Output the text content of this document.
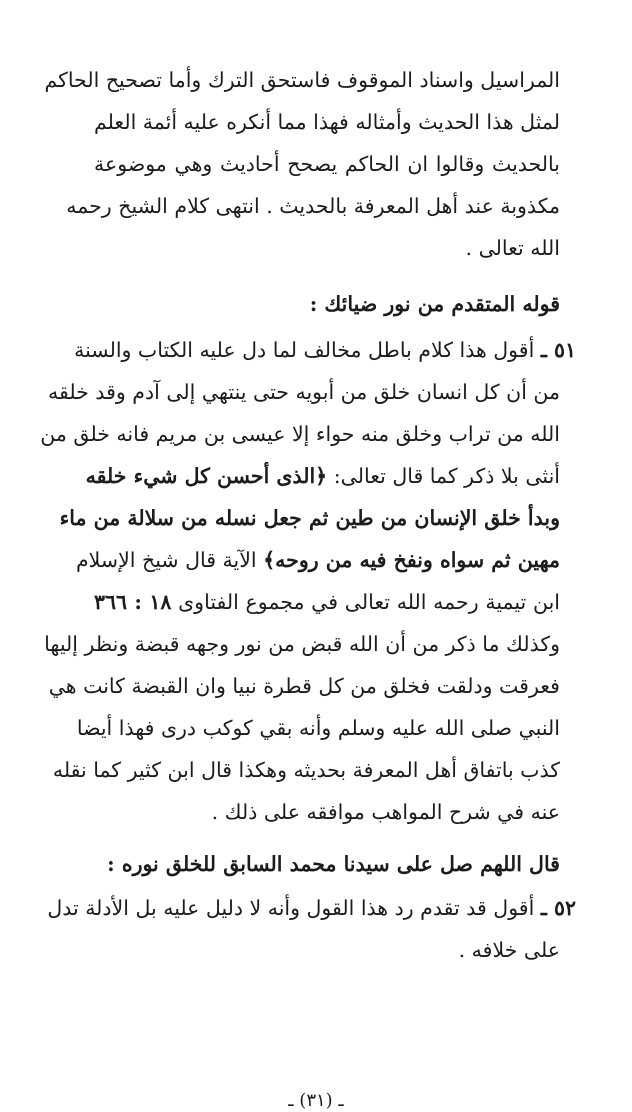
المراسيل واسناد الموقوف فاستحق الترك وأما تصحيح الحاكم
لمثل هذا الحديث وأمثاله فهذا مما أنكره عليه أئمة العلم
بالحديث وقالوا ان الحاكم يصحح أحاديث وهي موضوعة
مكذوبة عند أهل المعرفة بالحديث . انتهى كلام الشيخ رحمه
الله تعالى .
قوله المتقدم من نور ضيائك :
٥١ ـ أقول هذا كلام باطل مخالف لما دل عليه الكتاب والسنة
من أن كل انسان خلق من أبويه حتى ينتهي إلى آدم وقد خلقه
الله من تراب وخلق منه حواء إلا عيسى بن مريم فانه خلق من
أنثى بلا ذكر كما قال تعالى: ﴿الذى أحسن كل شيء خلقه
وبدأ خلق الإنسان من طين ثم جعل نسله من سلالة من ماء
مهين ثم سواه ونفخ فيه من روحه﴾ الآية قال شيخ الإسلام
ابن تيمية رحمه الله تعالى في مجموع الفتاوى ١٨ : ٣٦٦
وكذلك ما ذكر من أن الله قبض من نور وجهه قبضة ونظر إليها
فعرقت ودلقت فخلق من كل قطرة نبيا وان القبضة كانت هي
النبي صلى الله عليه وسلم وأنه بقي كوكب درى فهذا أيضا
كذب باتفاق أهل المعرفة بحديثه وهكذا قال ابن كثير كما نقله
عنه في شرح المواهب موافقه على ذلك .
قال اللهم صل على سيدنا محمد السابق للخلق نوره :
٥٢ ـ أقول قد تقدم رد هذا القول وأنه لا دليل عليه بل الأدلة تدل
على خلافه .
ـ (٣١) ـ
